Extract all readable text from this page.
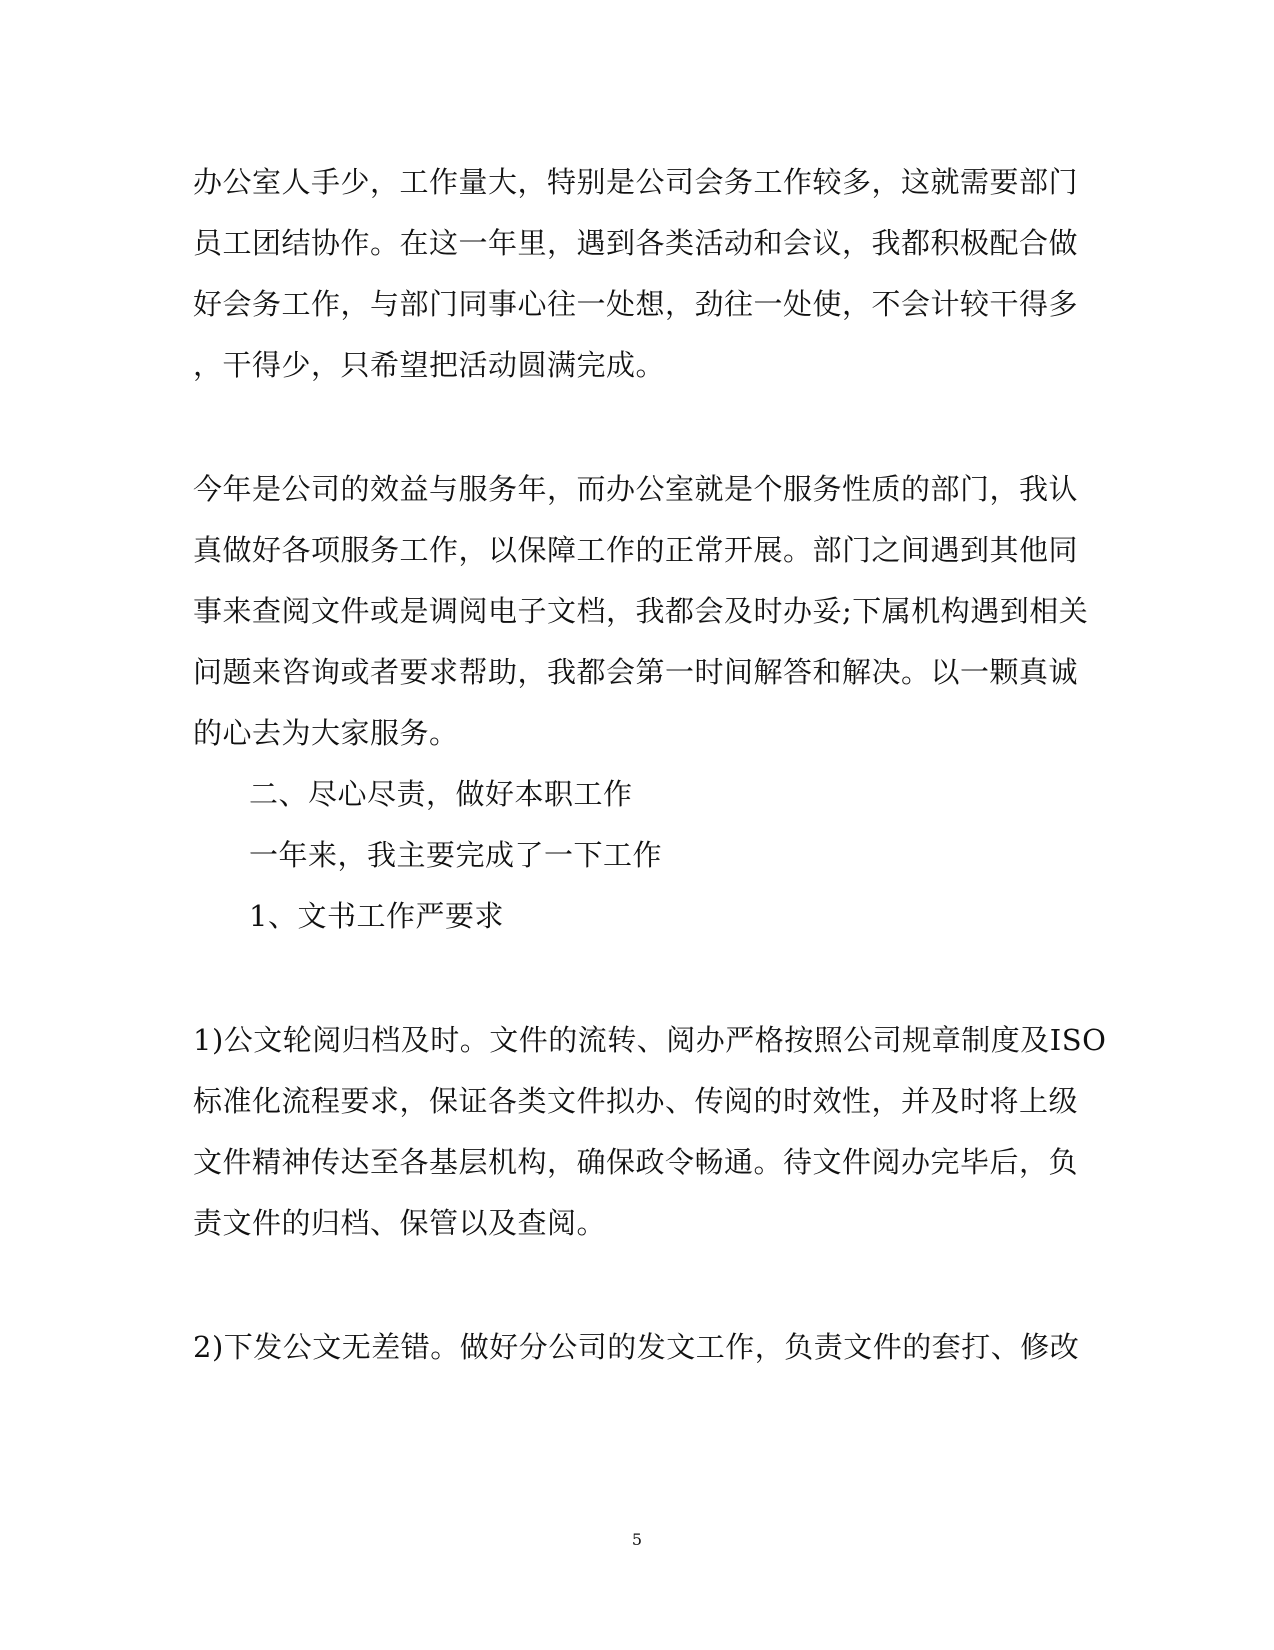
办公室人手少，工作量大，特别是公司会务工作较多，这就需要部门
员工团结协作。在这一年里，遇到各类活动和会议，我都积极配合做
好会务工作，与部门同事心往一处想，劲往一处使，不会计较干得多
，干得少，只希望把活动圆满完成。
今年是公司的效益与服务年，而办公室就是个服务性质的部门，我认
真做好各项服务工作，以保障工作的正常开展。部门之间遇到其他同
事来查阅文件或是调阅电子文档，我都会及时办妥;下属机构遇到相关
问题来咨询或者要求帮助，我都会第一时间解答和解决。以一颗真诚
的心去为大家服务。
二、尽心尽责，做好本职工作
一年来，我主要完成了一下工作
1、文书工作严要求
1)公文轮阅归档及时。文件的流转、阅办严格按照公司规章制度及ISO
标准化流程要求，保证各类文件拟办、传阅的时效性，并及时将上级
文件精神传达至各基层机构，确保政令畅通。待文件阅办完毕后，负
责文件的归档、保管以及查阅。
2)下发公文无差错。做好分公司的发文工作，负责文件的套打、修改
5
